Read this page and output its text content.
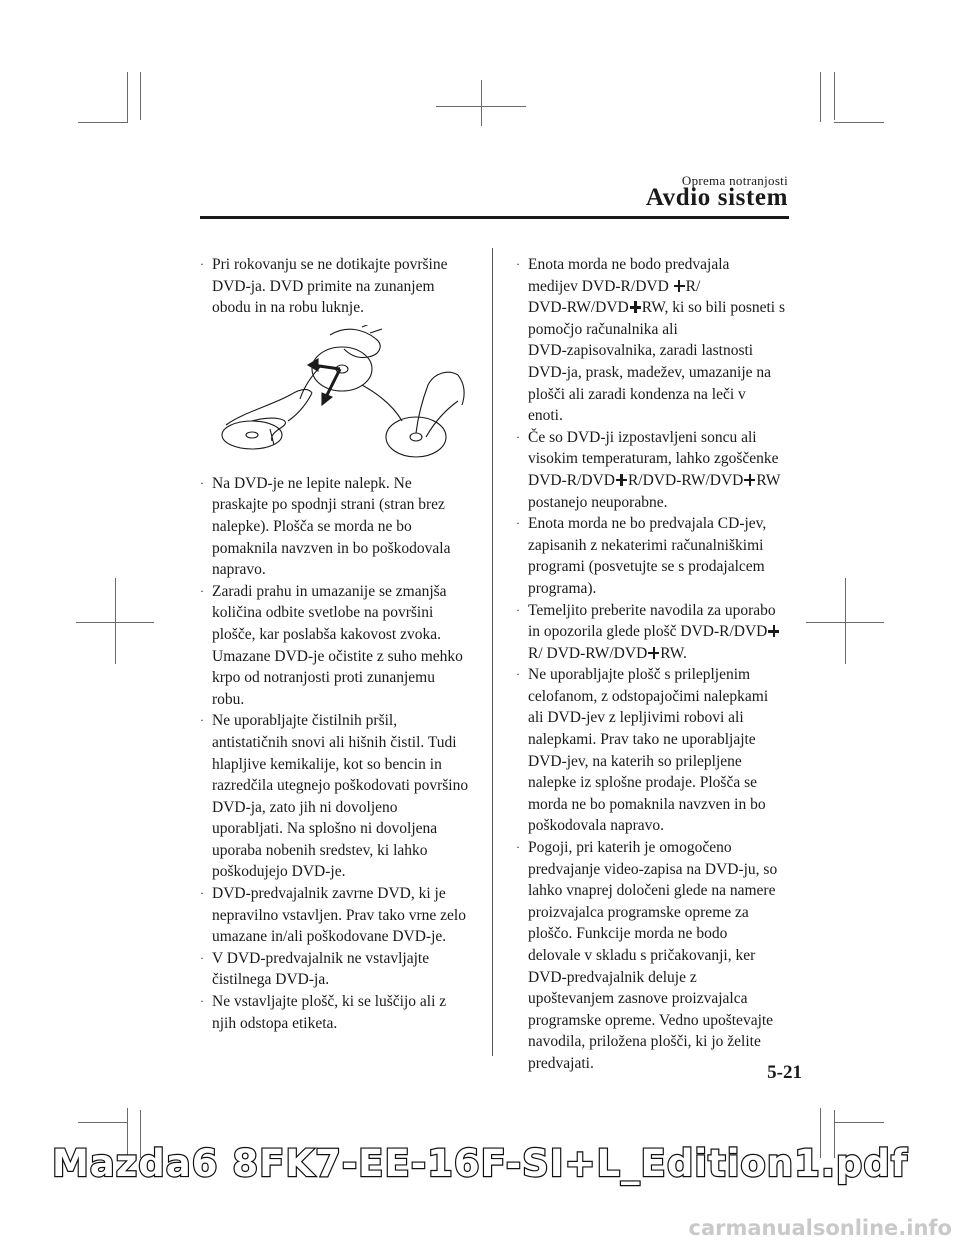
Oprema notranjosti
Avdio sistem
· Pri rokovanju se ne dotikajte površine
DVD-ja. DVD primite na zunanjem
obodu in na robu luknje.
· Na DVD-je ne lepite nalepk. Ne
praskajte po spodnji strani (stran brez
nalepke). Plošča se morda ne bo
pomaknila navzven in bo poškodovala
napravo.
· Zaradi prahu in umazanije se zmanjša
količina odbite svetlobe na površini
plošče, kar poslabša kakovost zvoka.
Umazane DVD-je očistite z suho mehko
krpo od notranjosti proti zunanjemu
robu.
· Ne uporabljajte čistilnih pršil,
antistatičnih snovi ali hišnih čistil. Tudi
hlapljive kemikalije, kot so bencin in
razredčila utegnejo poškodovati površino
DVD-ja, zato jih ni dovoljeno
uporabljati. Na splošno ni dovoljena
uporaba nobenih sredstev, ki lahko
poškodujejo DVD-je.
· DVD-predvajalnik zavrne DVD, ki je
nepravilno vstavljen. Prav tako vrne zelo
umazane in/ali poškodovane DVD-je.
· V DVD-predvajalnik ne vstavljajte
čistilnega DVD-ja.
· Ne vstavljajte plošč, ki se luščijo ali z
njih odstopa etiketa.
· Enota morda ne bodo predvajala
medijev DVD-R/DVD R/
DVD-RW/DVD RW, ki so bili posneti s
pomočjo računalnika ali
DVD-zapisovalnika, zaradi lastnosti
DVD-ja, prask, madežev, umazanije na
plošči ali zaradi kondenza na leči v
enoti.
· Če so DVD-ji izpostavljeni soncu ali
visokim temperaturam, lahko zgoščenke
DVD-R/DVD R/DVD-RW/DVD RW
postanejo neuporabne.
· Enota morda ne bo predvajala CD-jev,
zapisanih z nekaterimi računalniškimi
programi (posvetujte se s prodajalcem
programa).
· Temeljito preberite navodila za uporabo
in opozorila glede plošč DVD-R/DVD
R/ DVD-RW/DVD RW.
· Ne uporabljajte plošč s prilepljenim
celofanom, z odstopajočimi nalepkami
ali DVD-jev z lepljivimi robovi ali
nalepkami. Prav tako ne uporabljajte
DVD-jev, na katerih so prilepljene
nalepke iz splošne prodaje. Plošča se
morda ne bo pomaknila navzven in bo
poškodovala napravo.
· Pogoji, pri katerih je omogočeno
predvajanje video-zapisa na DVD-ju, so
lahko vnaprej določeni glede na namere
proizvajalca programske opreme za
ploščo. Funkcije morda ne bodo
delovale v skladu s pričakovanji, ker
DVD-predvajalnik deluje z
upoštevanjem zasnove proizvajalca
programske opreme. Vedno upoštevajte
navodila, priložena plošči, ki jo želite
predvajati.	5-21
Mazda6 8FK7-EE-16F-SI+L_Edition1.pdf
carmanualsonline.info
